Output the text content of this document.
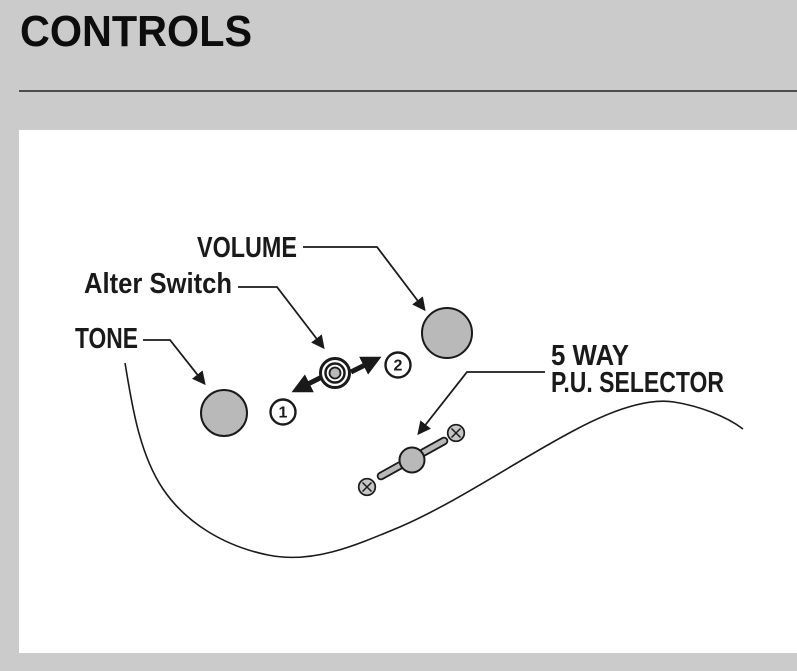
CONTROLS
1
2
VOLUME
Alter Switch
TONE
5 WAY
P.U. SELECTOR
